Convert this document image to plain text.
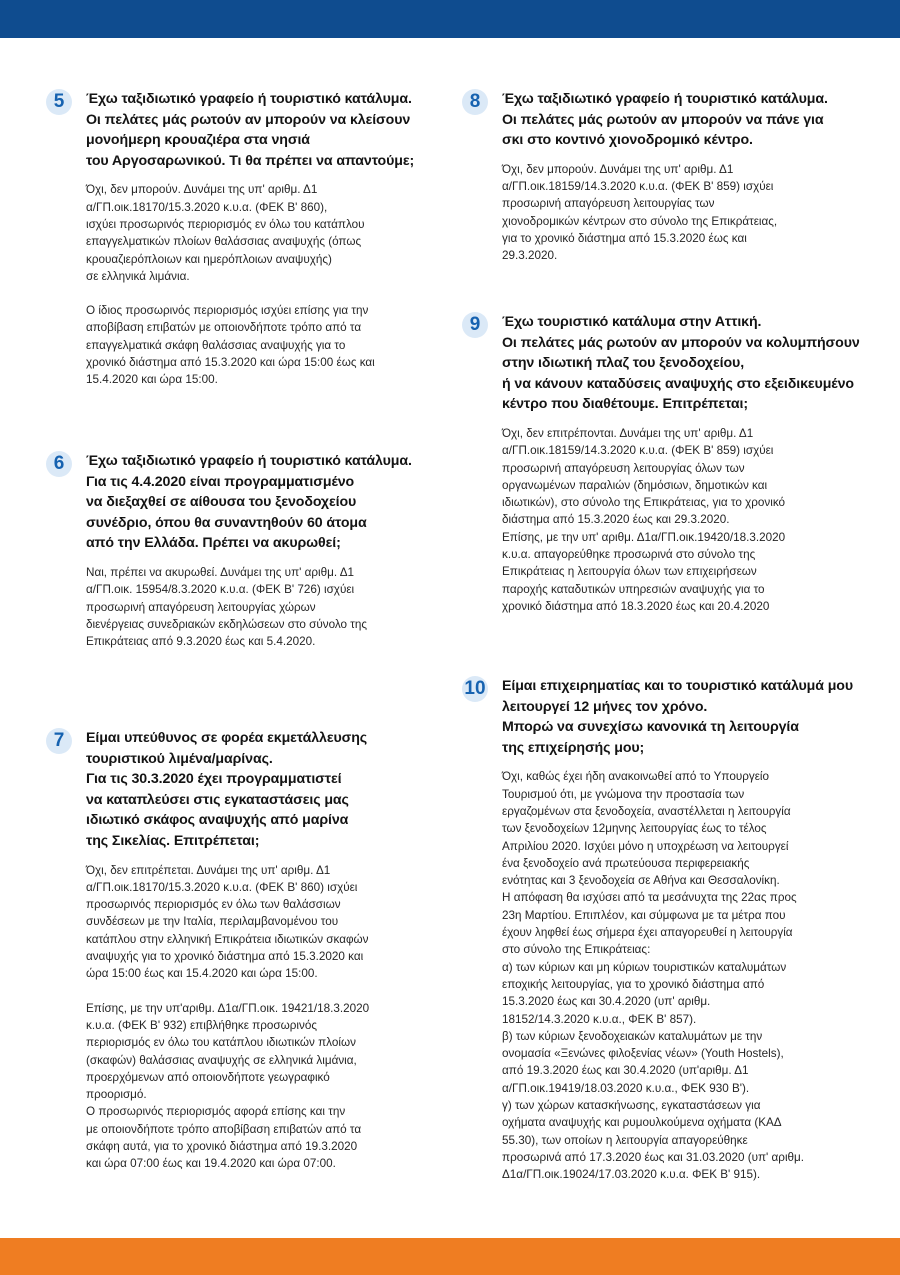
5	Έχω ταξιδιωτικό γραφείο ή τουριστικό κατάλυμα.
Οι πελάτες μάς ρωτούν αν μπορούν να κλείσουν
μονοήμερη κρουαζιέρα στα νησιά
του Αργοσαρωνικού. Τι θα πρέπει να απαντούμε;

Όχι, δεν μπορούν. Δυνάμει της υπ' αριθμ. Δ1
α/ΓΠ.οικ.18170/15.3.2020 κ.υ.α. (ΦΕΚ Β' 860),
ισχύει προσωρινός περιορισμός εν όλω του κατάπλου
επαγγελματικών πλοίων θαλάσσιας αναψυχής (όπως
κρουαζιερόπλοιων και ημερόπλοιων αναψυχής)
σε ελληνικά λιμάνια.

Ο ίδιος προσωρινός περιορισμός ισχύει επίσης για την
αποβίβαση επιβατών με οποιονδήποτε τρόπο από τα
επαγγελματικά σκάφη θαλάσσιας αναψυχής για το
χρονικό διάστημα από 15.3.2020 και ώρα 15:00 έως και
15.4.2020 και ώρα 15:00.

6	Έχω ταξιδιωτικό γραφείο ή τουριστικό κατάλυμα.
Για τις 4.4.2020 είναι προγραμματισμένο
να διεξαχθεί σε αίθουσα του ξενοδοχείου
συνέδριο, όπου θα συναντηθούν 60 άτομα
από την Ελλάδα. Πρέπει να ακυρωθεί;

Ναι, πρέπει να ακυρωθεί. Δυνάμει της υπ' αριθμ. Δ1
α/ΓΠ.οικ. 15954/8.3.2020 κ.υ.α. (ΦΕΚ Β' 726) ισχύει
προσωρινή απαγόρευση λειτουργίας χώρων
διενέργειας συνεδριακών εκδηλώσεων στο σύνολο της
Επικράτειας από 9.3.2020 έως και 5.4.2020.

7	Είμαι υπεύθυνος σε φορέα εκμετάλλευσης
τουριστικού λιμένα/μαρίνας.
Για τις 30.3.2020 έχει προγραμματιστεί
να καταπλεύσει στις εγκαταστάσεις μας
ιδιωτικό σκάφος αναψυχής από μαρίνα
της Σικελίας. Επιτρέπεται;

Όχι, δεν επιτρέπεται. Δυνάμει της υπ' αριθμ. Δ1
α/ΓΠ.οικ.18170/15.3.2020 κ.υ.α. (ΦΕΚ Β' 860) ισχύει
προσωρινός περιορισμός εν όλω των θαλάσσιων
συνδέσεων με την Ιταλία, περιλαμβανομένου του
κατάπλου στην ελληνική Επικράτεια ιδιωτικών σκαφών
αναψυχής για το χρονικό διάστημα από 15.3.2020 και
ώρα 15:00 έως και 15.4.2020 και ώρα 15:00.

Επίσης, με την υπ'αριθμ. Δ1α/ΓΠ.οικ. 19421/18.3.2020
κ.υ.α. (ΦΕΚ Β' 932) επιβλήθηκε προσωρινός
περιορισμός εν όλω του κατάπλου ιδιωτικών πλοίων
(σκαφών) θαλάσσιας αναψυχής σε ελληνικά λιμάνια,
προερχόμενων από οποιονδήποτε γεωγραφικό
προορισμό.
Ο προσωρινός περιορισμός αφορά επίσης και την
με οποιονδήποτε τρόπο αποβίβαση επιβατών από τα
σκάφη αυτά, για το χρονικό διάστημα από 19.3.2020
και ώρα 07:00 έως και 19.4.2020 και ώρα 07:00.

8	Έχω ταξιδιωτικό γραφείο ή τουριστικό κατάλυμα.
Οι πελάτες μάς ρωτούν αν μπορούν να πάνε για
σκι στο κοντινό χιονοδρομικό κέντρο.

Όχι, δεν μπορούν. Δυνάμει της υπ' αριθμ. Δ1
α/ΓΠ.οικ.18159/14.3.2020 κ.υ.α. (ΦΕΚ Β' 859) ισχύει
προσωρινή απαγόρευση λειτουργίας των
χιονοδρομικών κέντρων στο σύνολο της Επικράτειας,
για το χρονικό διάστημα από 15.3.2020 έως και
29.3.2020.

9	Έχω τουριστικό κατάλυμα στην Αττική.
Οι πελάτες μάς ρωτούν αν μπορούν να κολυμπήσουν
στην ιδιωτική πλαζ του ξενοδοχείου,
ή να κάνουν καταδύσεις αναψυχής στο εξειδικευμένο
κέντρο που διαθέτουμε. Επιτρέπεται;

Όχι, δεν επιτρέπονται. Δυνάμει της υπ' αριθμ. Δ1
α/ΓΠ.οικ.18159/14.3.2020 κ.υ.α. (ΦΕΚ Β' 859) ισχύει
προσωρινή απαγόρευση λειτουργίας όλων των
οργανωμένων παραλιών (δημόσιων, δημοτικών και
ιδιωτικών), στο σύνολο της Επικράτειας, για το χρονικό
διάστημα από 15.3.2020 έως και 29.3.2020.
Επίσης, με την υπ' αριθμ. Δ1α/ΓΠ.οικ.19420/18.3.2020
κ.υ.α. απαγορεύθηκε προσωρινά στο σύνολο της
Επικράτειας η λειτουργία όλων των επιχειρήσεων
παροχής καταδυτικών υπηρεσιών αναψυχής για το
χρονικό διάστημα από 18.3.2020 έως και 20.4.2020

10 Είμαι επιχειρηματίας και το τουριστικό κατάλυμά μου
λειτουργεί 12 μήνες τον χρόνο.
Μπορώ να συνεχίσω κανονικά τη λειτουργία
της επιχείρησής μου;

Όχι, καθώς έχει ήδη ανακοινωθεί από το Υπουργείο
Τουρισμού ότι, με γνώμονα την προστασία των
εργαζομένων στα ξενοδοχεία, αναστέλλεται η λειτουργία
των ξενοδοχείων 12μηνης λειτουργίας έως το τέλος
Απριλίου 2020. Ισχύει μόνο η υποχρέωση να λειτουργεί
ένα ξενοδοχείο ανά πρωτεύουσα περιφερειακής
ενότητας και 3 ξενοδοχεία σε Αθήνα και Θεσσαλονίκη.
Η απόφαση θα ισχύσει από τα μεσάνυχτα της 22ας προς
23η Μαρτίου. Επιπλέον, και σύμφωνα με τα μέτρα που
έχουν ληφθεί έως σήμερα έχει απαγορευθεί η λειτουργία
στο σύνολο της Επικράτειας:
α) των κύριων και μη κύριων τουριστικών καταλυμάτων
εποχικής λειτουργίας, για το χρονικό διάστημα από
15.3.2020 έως και 30.4.2020 (υπ' αριθμ.
18152/14.3.2020 κ.υ.α., ΦΕΚ Β' 857).
β) των κύριων ξενοδοχειακών καταλυμάτων με την
ονομασία «Ξενώνες φιλοξενίας νέων» (Youth Hostels),
από 19.3.2020 έως και 30.4.2020 (υπ'αριθμ. Δ1
α/ΓΠ.οικ.19419/18.03.2020 κ.υ.α., ΦΕΚ 930 Β').
γ) των χώρων κατασκήνωσης, εγκαταστάσεων για
οχήματα αναψυχής και ρυμουλκούμενα οχήματα (ΚΑΔ
55.30), των οποίων η λειτουργία απαγορεύθηκε
προσωρινά από 17.3.2020 έως και 31.03.2020 (υπ' αριθμ.
Δ1α/ΓΠ.οικ.19024/17.03.2020 κ.υ.α. ΦΕΚ Β' 915).
